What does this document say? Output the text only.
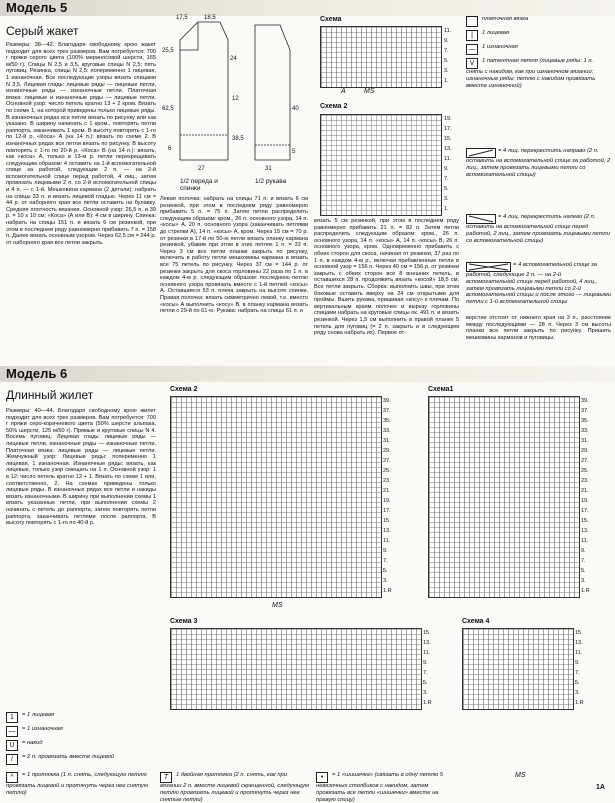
Модель 5
Серый жакет
Размеры: 38—42. Благодаря свободному крою жакет подходит для всех трех размеров. Вам потребуется: 700 г пряжи серого цвета (100% мериносовой шерсти, 165 м/50 г). Спицы N 2,5 и 3,5, круговые спицы N 2,5; пять пуговиц. Резинка, спицы N 2,5: попеременно 1 лицевая, 1 изнаночная. Все последующие узоры вязать спицами N 3,5. Лицевая гладь: лицевые ряды — лицевые петли, изнаночные ряды — изнаночные петли. Платочная вязка: лицевые и изнаночные ряды — лицевые петли. Основной узор: число петель кратно 13 + 2 кром. Вязать по схеме 1, на которой приведены только лицевые ряды. В изнаночных рядах все петли вязать по рисунку или как указано. В ширину начинать с 1 кром., повторять петли раппорта, заканчивать 1 кром. В высоту повторять с 1-го по 12-й р. «Коса» А (на 14 п.): вязать по схеме 2. В изнаночных рядах все петли вязать по рисунку. В высоту повторять с 1-го по 20-й р. «Коса» В (на 14 п.): вязать, как «коса» А, только в 13-м р. петли перекрещивать следующим образом: 4 оставить на 1-й вспомогательной спице за работой, следующие 2 п. — на 2-й вспомогательной спице перед работой, 4 лиц., затем провязать лицевыми 2 п. со 2-й вспомогательной спицы и 4 п. — с 1-й. Мешковина кармана (2 детали): набрать на спицы 33 п. и вязать лицевой гладью. Через 11 см = 44 р. от наборного края все петли оставить на булавку. Средняя плотность вязания. Основной узор: 26,5 п. и 39 р. = 10 х 10 см; «Коса» (А или В): 4 см в ширину. Спинка: набрать на спицы 151 п. и вязать 6 см резинкой, при этом в последнем ряду равномерно прибавить 7 п. = 158 п. Далее вязать основным узором. Через 62,5 см = 244 р. от наборного края все петли закрыть.
17,5	18,5
25,5
24
62,5
12
38,5
40
6
27
5
31
1/2 переда и спинки
1/2 рукава
Схема
11.
9.
7.
5.
3.
1.
MS
A
Схема 2
19.
17.
15.
13.
11.
9.
7.
5.
3.
1.
платочная вязка
| 1 лицевая
— 1 изнаночная
V 1 патентная петля (лицевые ряды: 1 п. снять с накидом, как при изнаночном вязании; изнаночные ряды: петлю с накидом провязать вместе изнаночной)
= 4 лиц. перекрестить направо (2 п. оставить на вспомогательной спице за работой, 2 лиц., затем провязать лицевыми петли со вспомогательной спицы)
= 4 лиц. перекрестить налево (2 п. оставить на вспомогательной спице перед работой, 2 лиц., затем провязать лицевыми петли со вспомогательной спицы)
= 4 вспомогательной спице за работой, следующие 2 п. — на 2-й вспомогательной спице перед работой, 4 лиц., затем провязать лицевыми петли со 2-й вспомогательной спицы и после этого — лицевыми петли с 1-й вспомогательной спицы
Левая полочка: набрать на спицы 71 п. и вязать 6 см резинкой, при этом в последнем ряду равномерно прибавить 5 п. = 75 п. Затем петли распределить следующим образом: кром., 26 п. основного узора, 14 п. «косы» А, 20 п. основного узора (заканчивать петлями до стрелки А), 14 п. «косы» А, кром. Через 15 см = 70 р. от резинки в 17-й по 50-ю петли вязать планку кармана резинкой, убавив при этом в этих петлях 1 п. = 33 п. Через 3 см все петли планки закрыть по рисунку, включить в работу петли мешковины кармана и вязать все 75 петель по рисунку. Через 37 см = 144 р. от резинки закрыть для скоса горловины 22 раза по 1 п. в каждом 4-м р. следующим образом: последнюю петлю основного узора провязать вместе с 1-й петлей «косы» А. Оставшиеся 53 п. плечa закрыть на высоте спинки. Правая полочка: вязать симметрично левой, т.е. вместо «косы» А выполнить «косу» В, в планку кармана вязать петли с 29-й по 61-ю. Рукава: набрать на спицы 61 п. и
вязать 5 см резинкой, при этом в последнем ряду равномерно прибавить 21 п. = 82 п. Затем петли распределить следующим образом: кром., 26 п. основного узора, 14 п. «косы» А, 14 п. «косы» В, 26 п. основного узора, кром. Одновременно прибавить с обеих сторон для скоса, начиная от резинки, 37 раз по 1 п. в каждом 4-м р., включая прибавленные петли в основной узор = 156 п. Через 40 см = 156 р. от резинки закрыть с обеих сторон все 8 внешних петель, в оставшихся 28 п. продолжить вязать «косой» 18,5 см. Все петли закрыть. Сборка: выполнить швы, при этом боковые оставить вверху на 24 см открытыми для проймы. Вшить рукава, пришивая «косу» к плечам. По вертикальным краям полочек и вырезу горловины спицами набрать на круговые спицы ок. 491 п. и вязать резинкой. Через 1,5 см выполнить в правой планке 5 петель для пуговиц (= 2 п. закрыть и в следующем ряду снова набрать их). Первое от-
верстие отстоит от нижнего края на 3 п., расстояние между последующими — 28 п. Через 3 см высоты планки все петли закрыть по рисунку. Пришить мешковины карманов и пуговицы.
Модель 6
Длинный жилет
Размеры: 40—44. Благодаря свободному крою жилет подходит для всех трех размеров. Вам потребуется: 700 г пряжи серо-коричневого цвета (50% шерсти альпака, 50% шерсти, 125 м/50 г). Прямые и круговые спицы N 4. Восемь пуговиц. Лицевая гладь: лицевые ряды — лицевые петли, изнаночные ряды — изнаночные петли. Платочная вязка: лицевые ряды — лицевые петли. Жемчужный узор: Лицевые ряды: попеременно 1 лицевая, 1 изнаночная. Изнаночные ряды: вязать, как лицевые, только узор смещать на 1 п. Основной узор: 1 в 12: число петель кратно 12 + 1. Вязать по схеме 1 или, соответственно, 2. На схемах приведены только лицевые ряды. В изнаночных рядах все петли и накиды вязать изнаночными. В ширину при выполнении схемы 1 вязать указанные петли, при выполнении схемы 2 начинать с петель до раппорта, затем повторять петли раппорта, заканчивать петлями после раппорта. В высоту повторять с 1-го по 40-й р.
Схема 2
39.
37.
35.
33.
31.
29.
27.
25.
23.
21.
19.
17.
15.
13.
11.
9.
7.
5.
3.
1.R
MS
Схема1
39.
37.
35.
33.
31.
29.
27.
25.
23.
21.
19.
17.
15.
13.
11.
9.
7.
5.
3.
1.R
Схема 3
15.
13.
11.
9.
7.
5.
3.
1.R
Схема 4
15.
13.
11.
9.
7.
5.
3.
1.R
MS
1 = 1 лицевая
— = 1 изнаночная
U = накид
/ = 2 п. провязать вместе лицевой
^ = 1 протяжка (1 п. снять, следующую петлю провязать лицевой и протянуть через нее снятую петлю)
T 1 двойная протяжка (2 п. снять, как при вязании 2 п. вместе лицевой скрещенной, следующую петлю провязать лицевой и протянуть через нее снятые петли)
• = 1 «шишечка» (связать в одну петлю 5 невязочных столбиков с накидом, затем провязать все петли «шишечки» вместе на правую спицу)
1A
